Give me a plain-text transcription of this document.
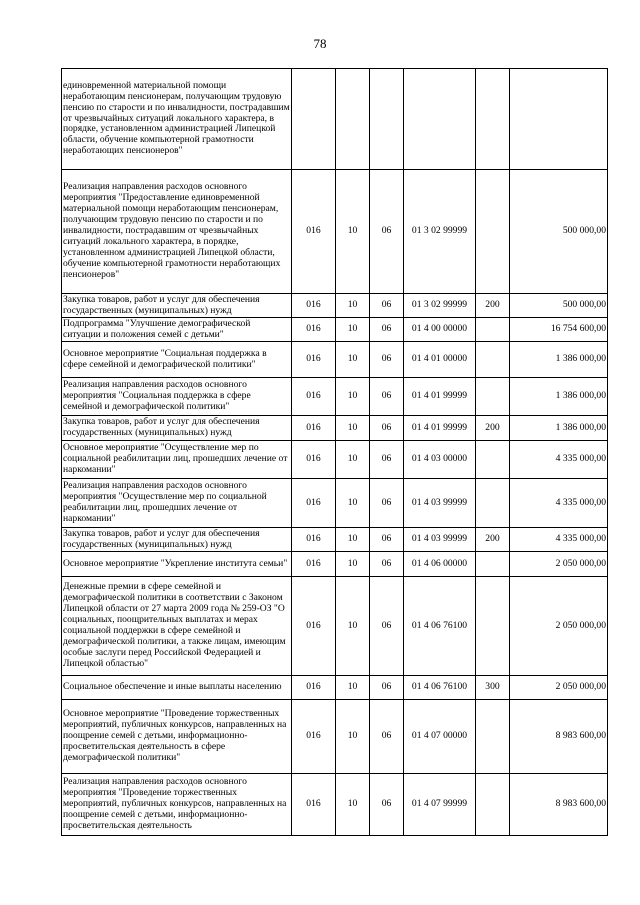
78
единовременной материальной помощи неработающим пенсионерам, получающим трудовую пенсию по старости и по инвалидности, пострадавшим от чрезвычайных ситуаций локального характера, в порядке, установленном администрацией Липецкой области, обучение компьютерной грамотности неработающих пенсионеров"						
Реализация направления расходов основного мероприятия "Предоставление единовременной материальной помощи неработающим пенсионерам, получающим трудовую пенсию по старости и по инвалидности, пострадавшим от чрезвычайных ситуаций локального характера, в порядке, установленном администрацией Липецкой области, обучение компьютерной грамотности неработающих пенсионеров"	016	10	06	01 3 02 99999		500 000,00
Закупка товаров, работ и услуг для обеспечения государственных (муниципальных) нужд	016	10	06	01 3 02 99999	200	500 000,00
Подпрограмма "Улучшение демографической ситуации и положения семей с детьми"	016	10	06	01 4 00 00000		16 754 600,00
Основное мероприятие "Социальная поддержка в сфере семейной и демографической политики"	016	10	06	01 4 01 00000		1 386 000,00
Реализация направления расходов основного мероприятия "Социальная поддержка в сфере семейной и демографической политики"	016	10	06	01 4 01 99999		1 386 000,00
Закупка товаров, работ и услуг для обеспечения государственных (муниципальных) нужд	016	10	06	01 4 01 99999	200	1 386 000,00
Основное мероприятие "Осуществление мер по социальной реабилитации лиц, прошедших лечение от наркомании"	016	10	06	01 4 03 00000		4 335 000,00
Реализация направления расходов основного мероприятия "Осуществление мер по социальной реабилитации лиц, прошедших лечение от наркомании"	016	10	06	01 4 03 99999		4 335 000,00
Закупка товаров, работ и услуг для обеспечения государственных (муниципальных) нужд	016	10	06	01 4 03 99999	200	4 335 000,00
Основное мероприятие "Укрепление института семьи"	016	10	06	01 4 06 00000		2 050 000,00
Денежные премии в сфере семейной и демографической политики в соответствии с Законом Липецкой области от 27 марта 2009 года № 259-ОЗ "О социальных, поощрительных выплатах и мерах социальной поддержки в сфере семейной и демографической политики, а также лицам, имеющим особые заслуги перед Российской Федерацией и Липецкой областью"	016	10	06	01 4 06 76100		2 050 000,00
Социальное обеспечение и иные выплаты населению	016	10	06	01 4 06 76100	300	2 050 000,00
Основное мероприятие "Проведение торжественных мероприятий, публичных конкурсов, направленных на поощрение семей с детьми, информационно-просветительская деятельность в сфере демографической политики"	016	10	06	01 4 07 00000		8 983 600,00
Реализация направления расходов основного мероприятия "Проведение торжественных мероприятий, публичных конкурсов, направленных на поощрение семей с детьми, информационно-просветительская деятельность	016	10	06	01 4 07 99999		8 983 600,00
